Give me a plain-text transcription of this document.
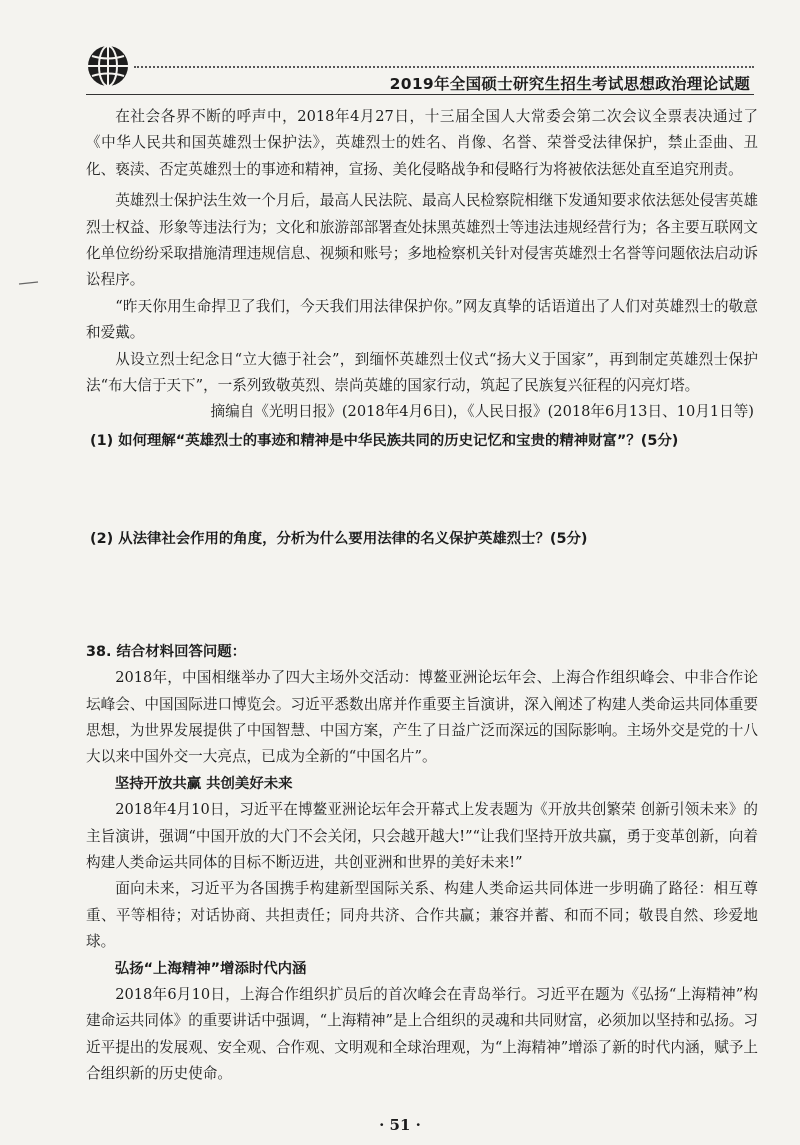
2019年全国硕士研究生招生考试思想政治理论试题

在社会各界不断的呼声中，2018年4月27日，十三届全国人大常委会第二次会议全票表决通过了《中华人民共和国英雄烈士保护法》，英雄烈士的姓名、肖像、名誉、荣誉受法律保护，禁止歪曲、丑化、亵渎、否定英雄烈士的事迹和精神，宣扬、美化侵略战争和侵略行为将被依法惩处直至追究刑责。

英雄烈士保护法生效一个月后，最高人民法院、最高人民检察院相继下发通知要求依法惩处侵害英雄烈士权益、形象等违法行为；文化和旅游部部署查处抹黑英雄烈士等违法违规经营行为；各主要互联网文化单位纷纷采取措施清理违规信息、视频和账号；多地检察机关针对侵害英雄烈士名誉等问题依法启动诉讼程序。

“昨天你用生命捍卫了我们，今天我们用法律保护你。”网友真挚的话语道出了人们对英雄烈士的敬意和爱戴。

从设立烈士纪念日“立大德于社会”，到缅怀英雄烈士仪式“扬大义于国家”，再到制定英雄烈士保护法“布大信于天下”，一系列致敬英烈、崇尚英雄的国家行动，筑起了民族复兴征程的闪亮灯塔。

摘编自《光明日报》(2018年4月6日)，《人民日报》(2018年6月13日、10月1日等)

(1) 如何理解“英雄烈士的事迹和精神是中华民族共同的历史记忆和宝贵的精神财富”？(5分)

(2) 从法律社会作用的角度，分析为什么要用法律的名义保护英雄烈士？(5分)

38. 结合材料回答问题：

2018年，中国相继举办了四大主场外交活动：博鳌亚洲论坛年会、上海合作组织峰会、中非合作论坛峰会、中国国际进口博览会。习近平悉数出席并作重要主旨演讲，深入阐述了构建人类命运共同体重要思想，为世界发展提供了中国智慧、中国方案，产生了日益广泛而深远的国际影响。主场外交是党的十八大以来中国外交一大亮点，已成为全新的“中国名片”。

坚持开放共赢 共创美好未来

2018年4月10日，习近平在博鳌亚洲论坛年会开幕式上发表题为《开放共创繁荣 创新引领未来》的主旨演讲，强调“中国开放的大门不会关闭，只会越开越大!”“让我们坚持开放共赢，勇于变革创新，向着构建人类命运共同体的目标不断迈进，共创亚洲和世界的美好未来!”

面向未来，习近平为各国携手构建新型国际关系、构建人类命运共同体进一步明确了路径：相互尊重、平等相待；对话协商、共担责任；同舟共济、合作共赢；兼容并蓄、和而不同；敬畏自然、珍爱地球。

弘扬“上海精神”增添时代内涵

2018年6月10日，上海合作组织扩员后的首次峰会在青岛举行。习近平在题为《弘扬“上海精神”构建命运共同体》的重要讲话中强调，“上海精神”是上合组织的灵魂和共同财富，必须加以坚持和弘扬。习近平提出的发展观、安全观、合作观、文明观和全球治理观，为“上海精神”增添了新的时代内涵，赋予上合组织新的历史使命。

· 51 ·
